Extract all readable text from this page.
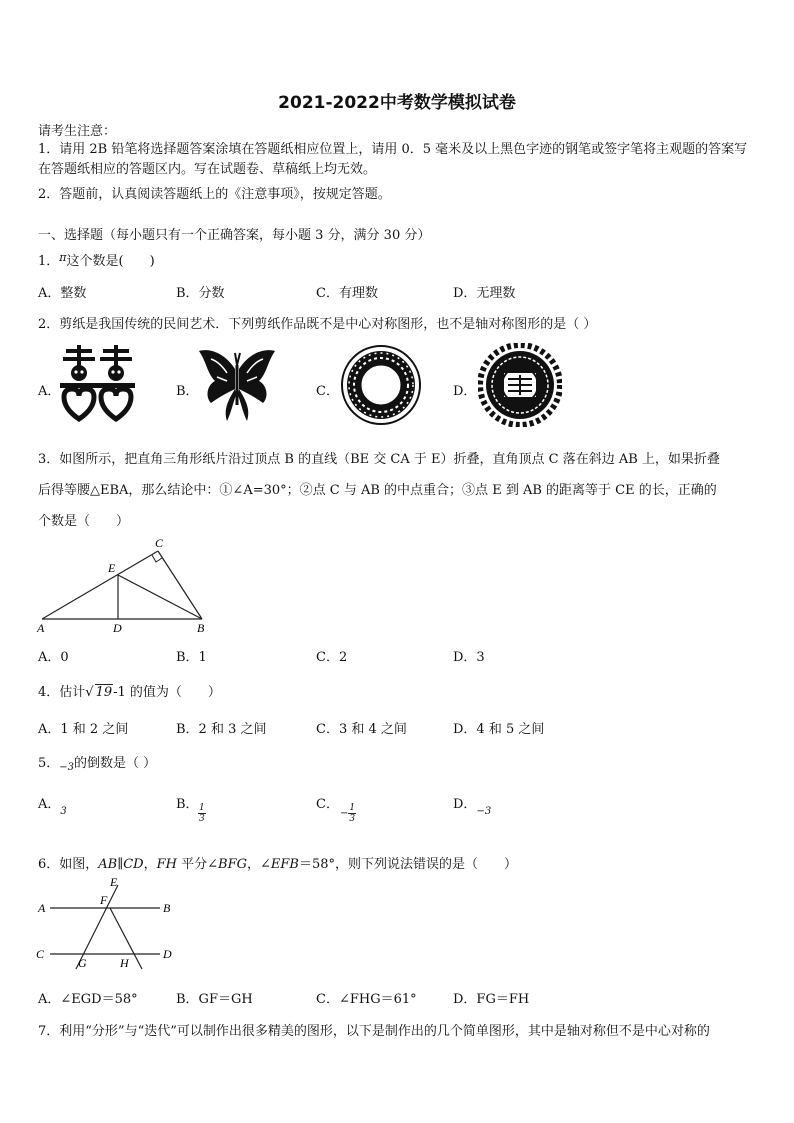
2021-2022中考数学模拟试卷
请考生注意：
1．请用 2B 铅笔将选择题答案涂填在答题纸相应位置上，请用 0．5 毫米及以上黑色字迹的钢笔或签字笔将主观题的答案写在答题纸相应的答题区内。写在试题卷、草稿纸上均无效。
2．答题前，认真阅读答题纸上的《注意事项》，按规定答题。
一、选择题（每小题只有一个正确答案，每小题 3 分，满分 30 分）
1．$^\pi$这个数是(　　)
A．整数	B．分数	C．有理数	D．无理数
2．剪纸是我国传统的民间艺术．下列剪纸作品既不是中心对称图形，也不是轴对称图形的是（ ）
A．	B．	C．	D．
3．如图所示，把直角三角形纸片沿过顶点 B 的直线（BE 交 CA 于 E）折叠，直角顶点 C 落在斜边 AB 上，如果折叠
后得等腰△EBA，那么结论中：①∠A=30°；②点 C 与 AB 的中点重合；③点 E 到 AB 的距离等于 CE 的长，正确的
个数是（　　）
C
E
A	D	B
A．0	B．1	C．2	D．3
4．估计√ 19-1 的值为（　　）
A．1 和 2 之间	B．2 和 3 之间	C．3 和 4 之间	D．4 和 5 之间
5．$_{-3}$的倒数是（ ）
A．$_3$	B． $\frac{1}{3}$	C．
− $\frac{1}{3}$	D．$_{-3}$
6．如图，AB∥CD，FH 平分∠BFG，∠EFB＝58°，则下列说法错误的是（　　）
E
A
F
B
C
G	H
D
A．∠EGD＝58°	B．GF＝GH	C．∠FHG＝61°	D．FG＝FH
7．利用“分形”与“迭代”可以制作出很多精美的图形，以下是制作出的几个简单图形，其中是轴对称但不是中心对称的
